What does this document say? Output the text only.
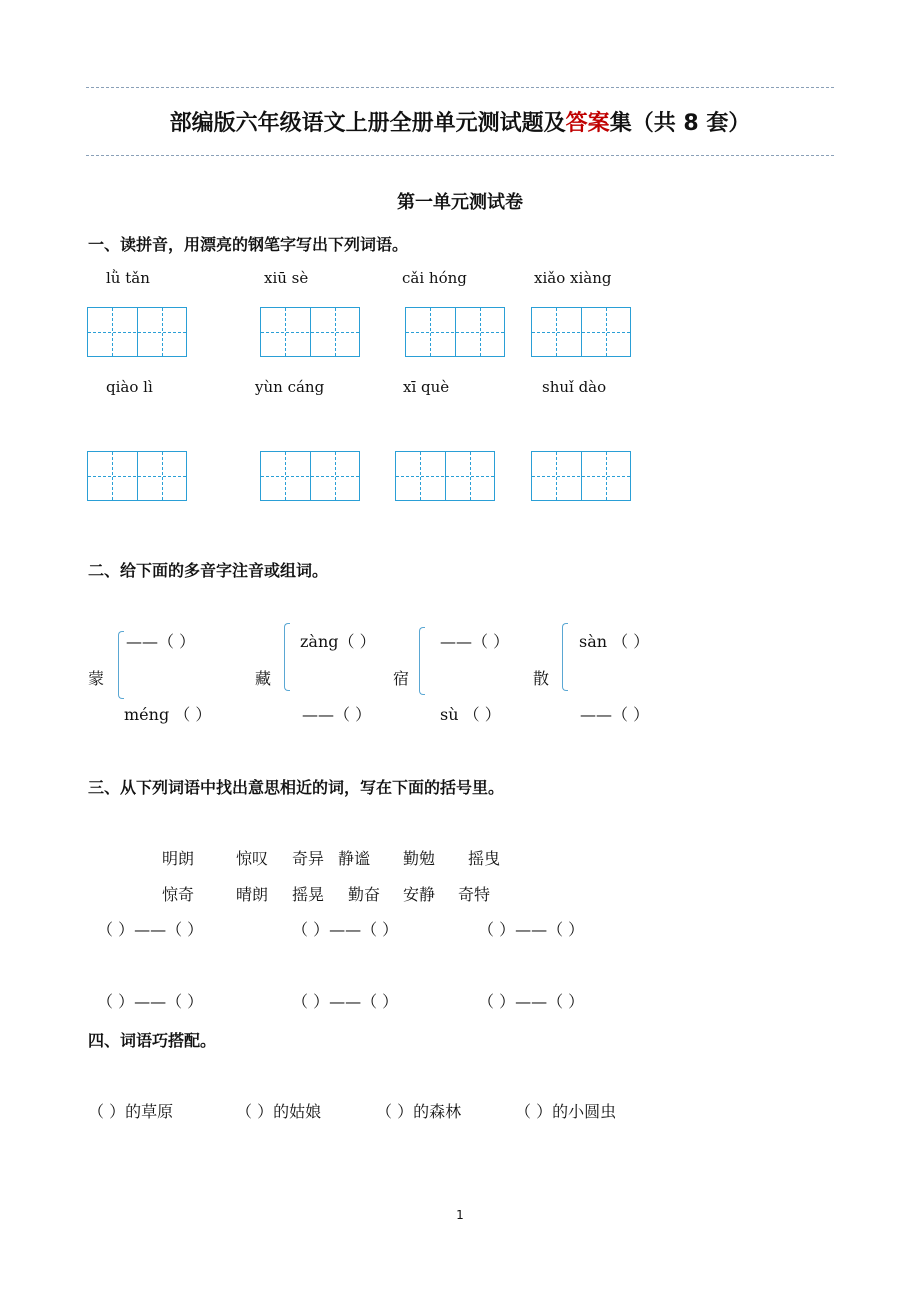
部编版六年级语文上册全册单元测试题及答案集（共 8 套）
第一单元测试卷
一、读拼音，用漂亮的钢笔字写出下列词语。
lǜ tǎn	xiū sè	cǎi hóng	xiǎo xiàng
qiào lì	yùn cáng	xī què	shuǐ dào
二、给下面的多音字注音或组词。
蒙
——（ ）
méng （ ）
藏
zàng（ ）
——（ ）
宿
——（ ）
sù （ ）
散
sàn （ ）
——（ ）
三、从下列词语中找出意思相近的词，写在下面的括号里。
明朗	惊叹 奇异 静谧 勤勉 摇曳
惊奇	晴朗 摇晃 勤奋 安静 奇特
（ ）——（ ）	（ ）——（ ）	（ ）——（ ）
（ ）——（ ）	（ ）——（ ）	（ ）——（ ）
四、词语巧搭配。
（ ）的草原	（ ）的姑娘	（ ）的森林	（ ）的小圆虫
1
